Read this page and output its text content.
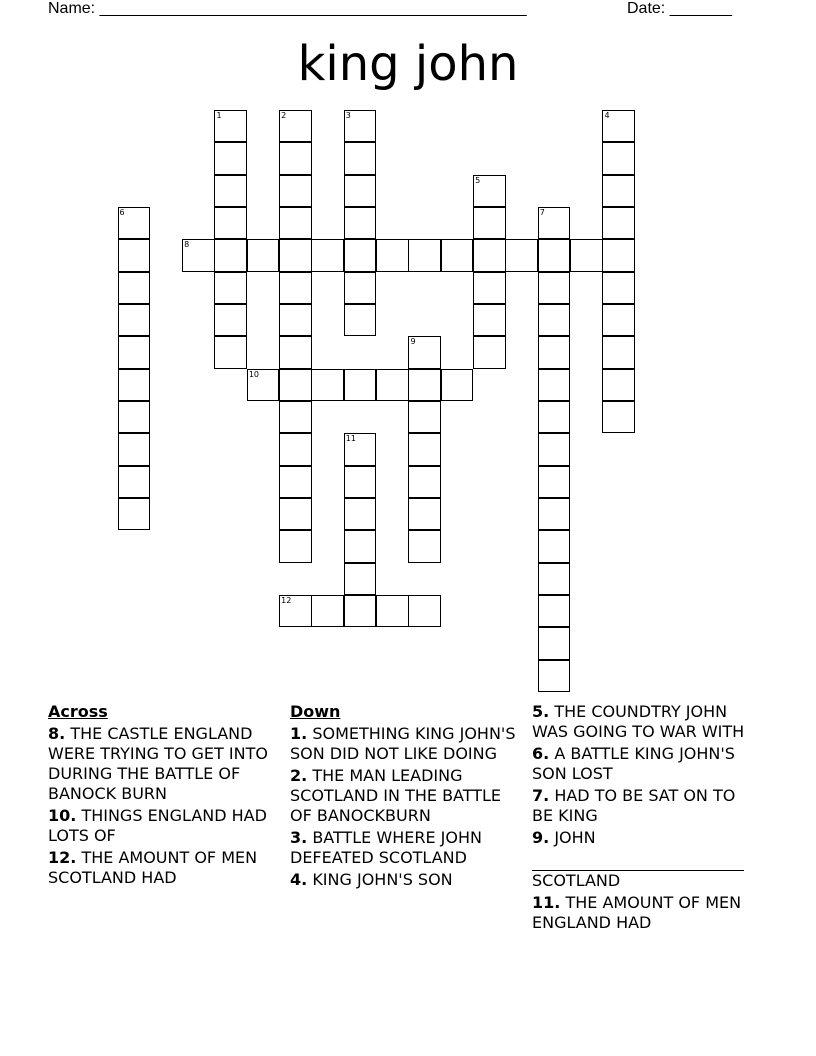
Name: ________________________________________________	Date: _______
king john
1	2	3	4
5
6	7
8
9
10
11
12
Across
8. THE CASTLE ENGLAND WERE TRYING TO GET INTO DURING THE BATTLE OF BANOCK BURN
10. THINGS ENGLAND HAD LOTS OF
12. THE AMOUNT OF MEN SCOTLAND HAD
Down
1. SOMETHING KING JOHN'S SON DID NOT LIKE DOING
2. THE MAN LEADING SCOTLAND IN THE BATTLE OF BANOCKBURN
3. BATTLE WHERE JOHN DEFEATED SCOTLAND
4. KING JOHN'S SON
5. THE COUNDTRY JOHN WAS GOING TO WAR WITH
6. A BATTLE KING JOHN'S SON LOST
7. HAD TO BE SAT ON TO BE KING
9. JOHN
SCOTLAND
11. THE AMOUNT OF MEN ENGLAND HAD
